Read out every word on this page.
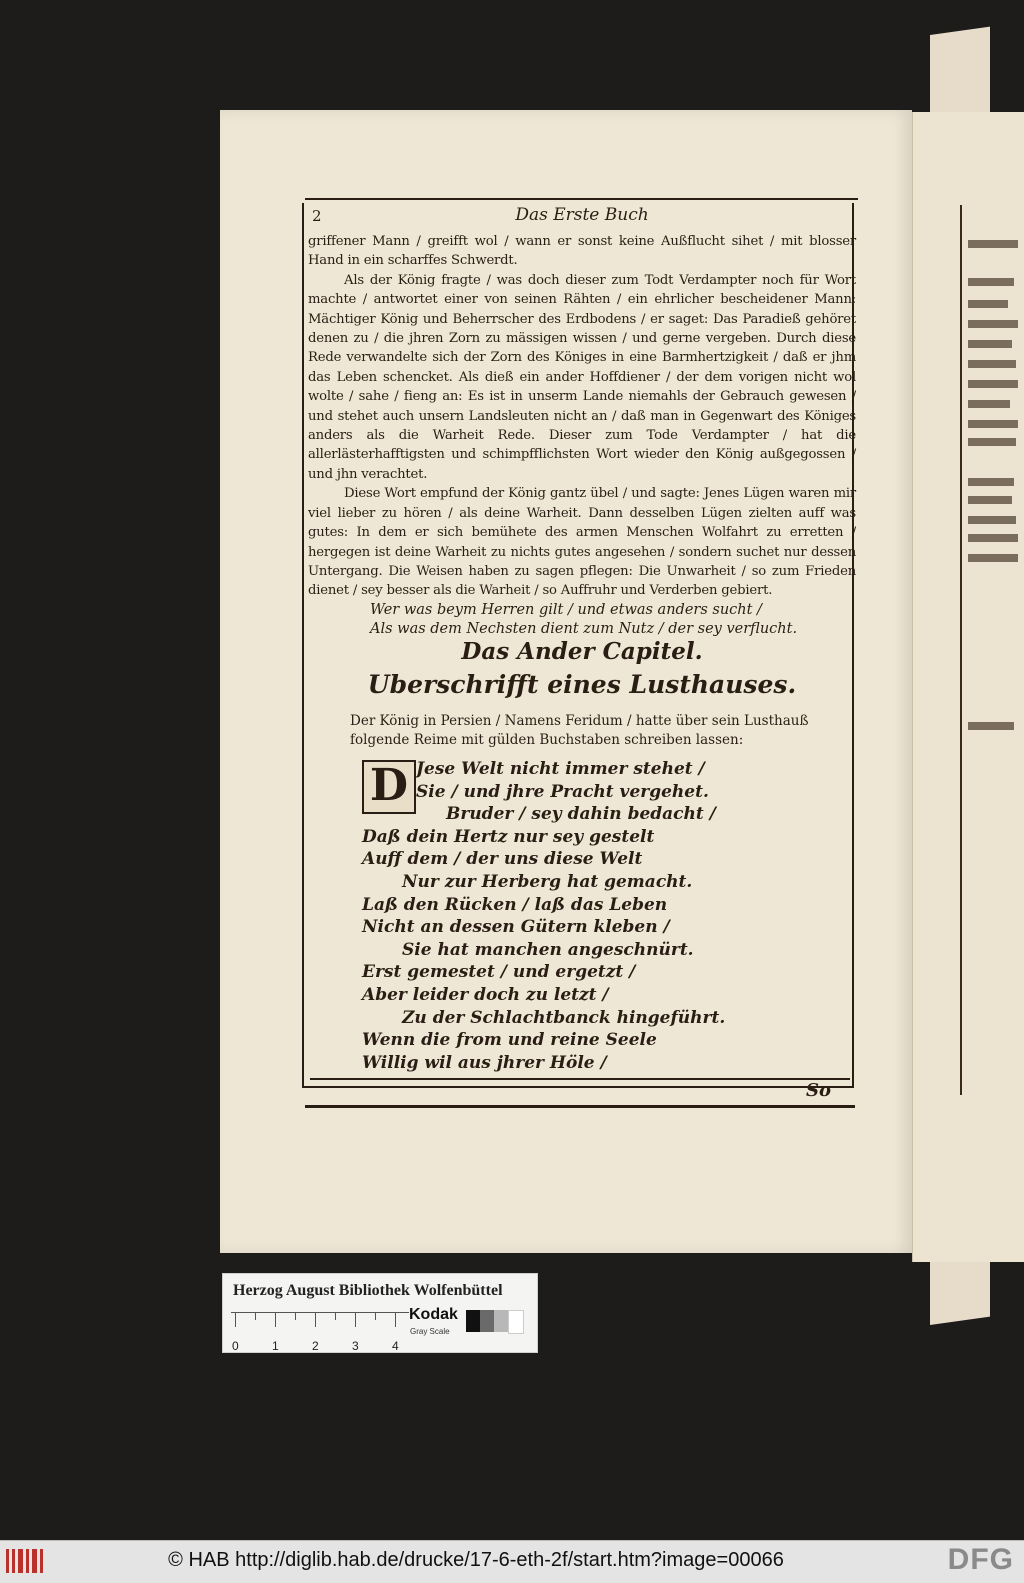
2	Das Erste Buch

griffener Mann / greifft wol / wann er sonst keine Außflucht sihet / mit blosser Hand in ein scharffes Schwerdt.

Als der König fragte / was doch dieser zum Todt Verdampter noch für Wort machte / antwortet einer von seinen Rähten / ein ehrlicher bescheidener Mann: Mächtiger König und Beherrscher des Erdbodens / er saget: Das Paradieß gehöret denen zu / die jhren Zorn zu mässigen wissen / und gerne vergeben. Durch diese Rede verwandelte sich der Zorn des Königes in eine Barmhertzigkeit / daß er jhm das Leben schencket. Als dieß ein ander Hoffdiener / der dem vorigen nicht wol wolte / sahe / fieng an: Es ist in unserm Lande niemahls der Gebrauch gewesen / und stehet auch unsern Landsleuten nicht an / daß man in Gegenwart des Königes anders als die Warheit Rede. Dieser zum Tode Verdampter / hat die allerlästerhafftigsten und schimpfflichsten Wort wieder den König außgegossen / und jhn verachtet.

Diese Wort empfund der König gantz übel / und sagte: Jenes Lügen waren mir viel lieber zu hören / als deine Warheit. Dann desselben Lügen zielten auff was gutes: In dem er sich bemühete des armen Menschen Wolfahrt zu erretten / hergegen ist deine Warheit zu nichts gutes angesehen / sondern suchet nur dessen Untergang. Die Weisen haben zu sagen pflegen: Die Unwarheit / so zum Frieden dienet / sey besser als die Warheit / so Auffruhr und Verderben gebiert.

Wer was beym Herren gilt / und etwas anders sucht /

Als was dem Nechsten dient zum Nutz / der sey verflucht.

Das Ander Capitel.
Uberschrifft eines Lusthauses.

Der König in Persien / Namens Feridum / hatte über sein Lusthauß folgende Reime mit gülden Buchstaben schreiben lassen:

D Jese Welt nicht immer stehet /

Sie / und jhre Pracht vergehet.

Bruder / sey dahin bedacht /

Daß dein Hertz nur sey gestelt

Auff dem / der uns diese Welt

Nur zur Herberg hat gemacht.

Laß den Rücken / laß das Leben

Nicht an dessen Gütern kleben /

Sie hat manchen angeschnürt.

Erst gemestet / und ergetzt /

Aber leider doch zu letzt /

Zu der Schlachtbanck hingeführt.

Wenn die from und reine Seele

Willig wil aus jhrer Höle /

So
Herzog August Bibliothek Wolfenbüttel
0	1	2	3	4
Kodak
Gray Scale
© HAB http://diglib.hab.de/drucke/17-6-eth-2f/start.htm?image=00066	DFG
